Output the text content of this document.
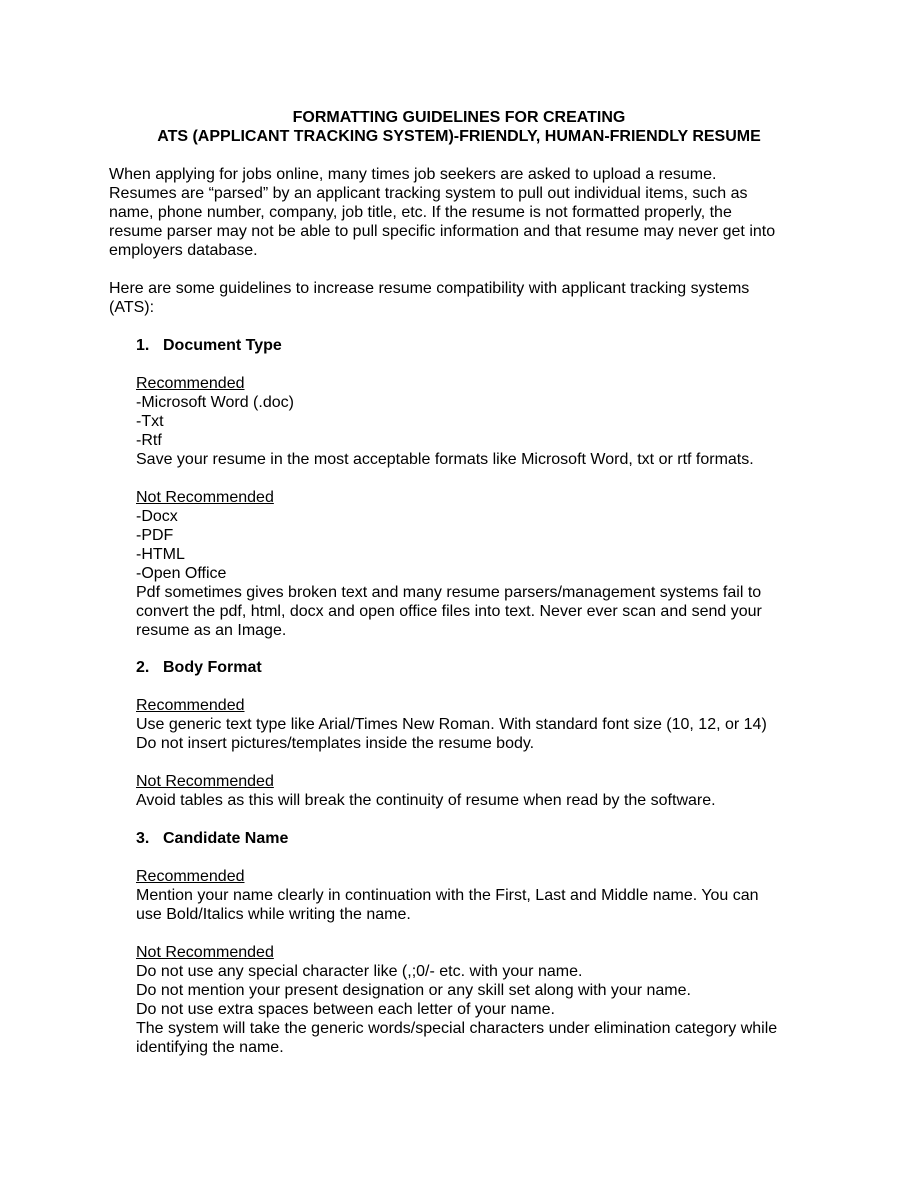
FORMATTING GUIDELINES FOR CREATING

ATS (APPLICANT TRACKING SYSTEM)-FRIENDLY, HUMAN-FRIENDLY RESUME

When applying for jobs online, many times job seekers are asked to upload a resume.
Resumes are “parsed” by an applicant tracking system to pull out individual items, such as
name, phone number, company, job title, etc. If the resume is not formatted properly, the
resume parser may not be able to pull specific information and that resume may never get into
employers database.

Here are some guidelines to increase resume compatibility with applicant tracking systems
(ATS):

1. Document Type

Recommended

-Microsoft Word (.doc)

-Txt

-Rtf

Save your resume in the most acceptable formats like Microsoft Word, txt or rtf formats.

Not Recommended

-Docx

-PDF

-HTML

-Open Office

Pdf sometimes gives broken text and many resume parsers/management systems fail to
convert the pdf, html, docx and open office files into text. Never ever scan and send your
resume as an Image.

2. Body Format

Recommended

Use generic text type like Arial/Times New Roman. With standard font size (10, 12, or 14)

Do not insert pictures/templates inside the resume body.

Not Recommended

Avoid tables as this will break the continuity of resume when read by the software.

3. Candidate Name

Recommended

Mention your name clearly in continuation with the First, Last and Middle name. You can
use Bold/Italics while writing the name.

Not Recommended

Do not use any special character like (,;0/- etc. with your name.

Do not mention your present designation or any skill set along with your name.

Do not use extra spaces between each letter of your name.

The system will take the generic words/special characters under elimination category while
identifying the name.
